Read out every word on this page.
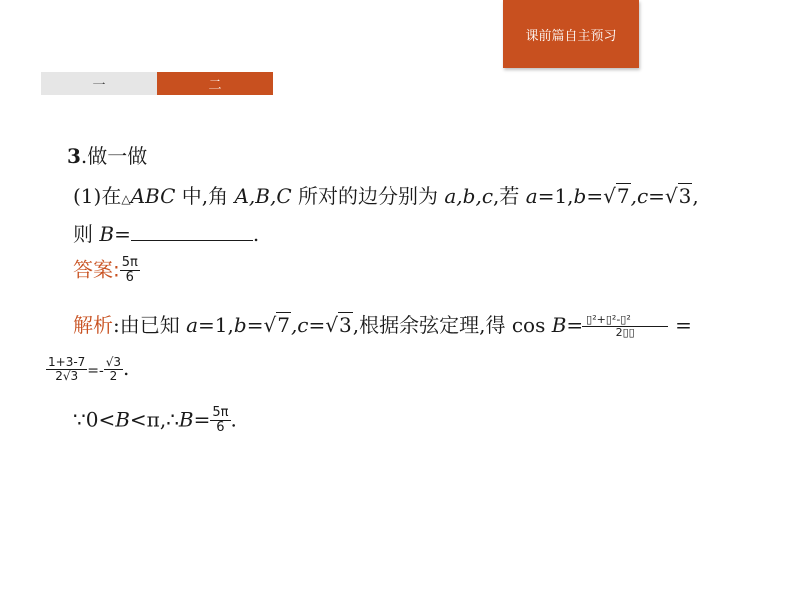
课前篇自主预习
一	二
3.做一做
(1)在△ABC 中,角 A,B,C 所对的边分别为 a,b,c,若 a=1,b=√7,c=√3,
则 B=	.
答案: $\frac{5\pi}{6}$
解析:由已知 a=1,b=√7,c=√3,根据余弦定理,得 $\cos B= \frac{\text{▯²+▯²-▯²}}{2▯▯}$ =
$\frac{1+3-7}{2√3} =- \frac{√3}{2}$ .
∵0<B<π,∴B= $\frac{5\pi}{6}$ .
